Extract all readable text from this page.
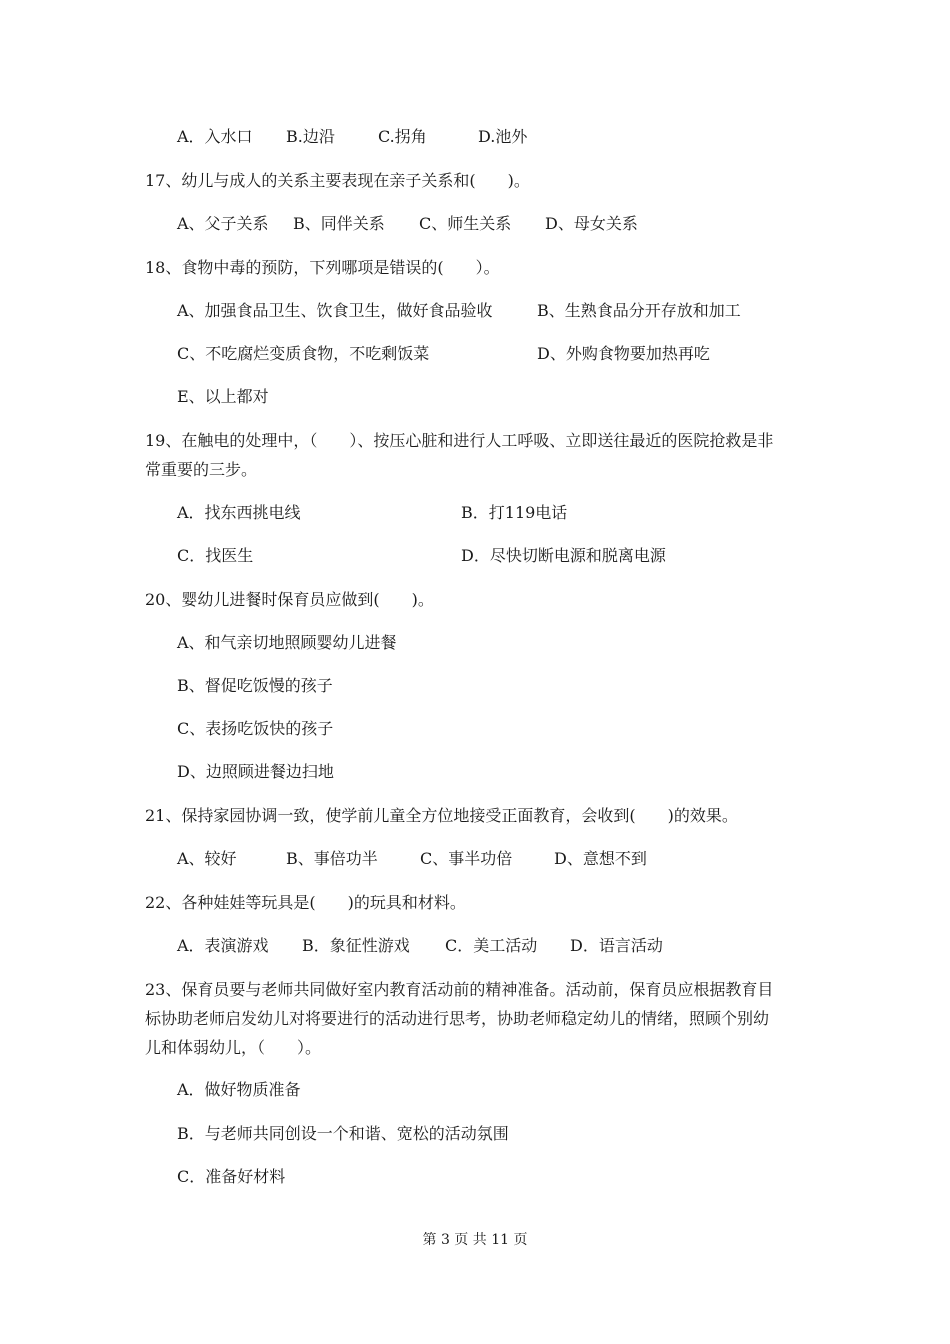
A．入水口 B.边沿	C.拐角	D.池外
17、幼儿与成人的关系主要表现在亲子关系和(　　)。
A、父子关系 B、同伴关系 C、师生关系 D、母女关系
18、食物中毒的预防，下列哪项是错误的(　　）。
A、加强食品卫生、饮食卫生，做好食品验收	B、生熟食品分开存放和加工
C、不吃腐烂变质食物，不吃剩饭菜	D、外购食物要加热再吃
E、以上都对
19、在触电的处理中，（　　）、按压心脏和进行人工呼吸、立即送往最近的医院抢救是非
常重要的三步。
A．找东西挑电线	B．打119电话
C．找医生	D．尽快切断电源和脱离电源
20、婴幼儿进餐时保育员应做到(　　)。
A、和气亲切地照顾婴幼儿进餐
B、督促吃饭慢的孩子
C、表扬吃饭快的孩子
D、边照顾进餐边扫地
21、保持家园协调一致，使学前儿童全方位地接受正面教育，会收到(　　)的效果。
A、较好	B、事倍功半	C、事半功倍	D、意想不到
22、各种娃娃等玩具是(　　)的玩具和材料。
A．表演游戏 B．象征性游戏 C．美工活动 D．语言活动
23、保育员要与老师共同做好室内教育活动前的精神准备。活动前，保育员应根据教育目
标协助老师启发幼儿对将要进行的活动进行思考，协助老师稳定幼儿的情绪，照顾个别幼
儿和体弱幼儿，（　　）。
A．做好物质准备
B．与老师共同创设一个和谐、宽松的活动氛围
C．准备好材料
第 3 页 共 11 页
